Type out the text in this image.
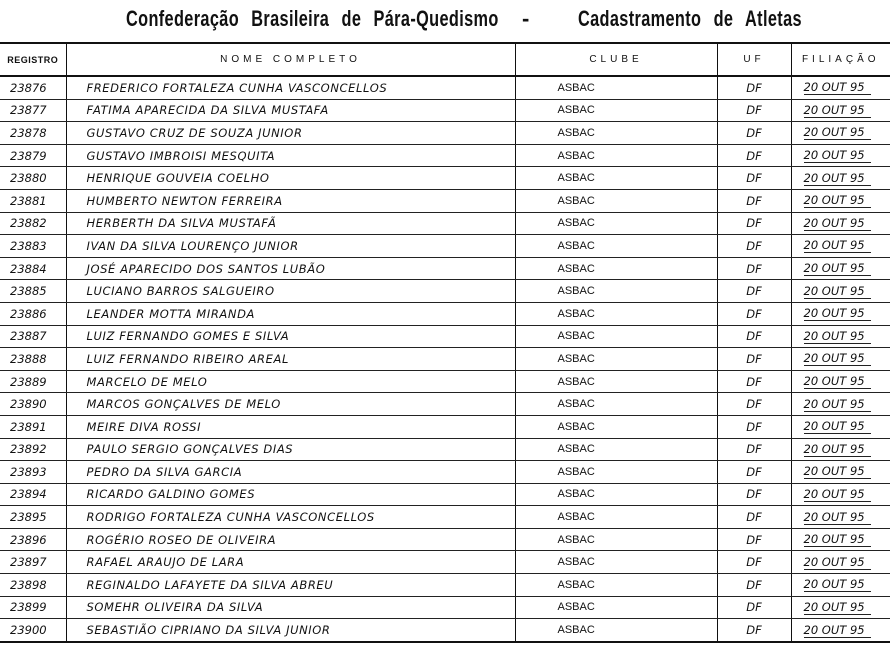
Confederação Brasileira de Pára-Quedismo - Cadastramento de Atletas
REGISTRO	NOME COMPLETO	CLUBE	UF	FILIAÇÃO
23876	FREDERICO FORTALEZA CUNHA VASCONCELLOS	ASBAC	DF	20 OUT 95
23877	FATIMA APARECIDA DA SILVA MUSTAFA	ASBAC	DF	20 OUT 95
23878	GUSTAVO CRUZ DE SOUZA JUNIOR	ASBAC	DF	20 OUT 95
23879	GUSTAVO IMBROISI MESQUITA	ASBAC	DF	20 OUT 95
23880	HENRIQUE GOUVEIA COELHO	ASBAC	DF	20 OUT 95
23881	HUMBERTO NEWTON FERREIRA	ASBAC	DF	20 OUT 95
23882	HERBERTH DA SILVA MUSTAFÃ	ASBAC	DF	20 OUT 95
23883	IVAN DA SILVA LOURENÇO JUNIOR	ASBAC	DF	20 OUT 95
23884	JOSÉ APARECIDO DOS SANTOS LUBÃO	ASBAC	DF	20 OUT 95
23885	LUCIANO BARROS SALGUEIRO	ASBAC	DF	20 OUT 95
23886	LEANDER MOTTA MIRANDA	ASBAC	DF	20 OUT 95
23887	LUIZ FERNANDO GOMES E SILVA	ASBAC	DF	20 OUT 95
23888	LUIZ FERNANDO RIBEIRO AREAL	ASBAC	DF	20 OUT 95
23889	MARCELO DE MELO	ASBAC	DF	20 OUT 95
23890	MARCOS GONÇALVES DE MELO	ASBAC	DF	20 OUT 95
23891	MEIRE DIVA ROSSI	ASBAC	DF	20 OUT 95
23892	PAULO SERGIO GONÇALVES DIAS	ASBAC	DF	20 OUT 95
23893	PEDRO DA SILVA GARCIA	ASBAC	DF	20 OUT 95
23894	RICARDO GALDINO GOMES	ASBAC	DF	20 OUT 95
23895	RODRIGO FORTALEZA CUNHA VASCONCELLOS	ASBAC	DF	20 OUT 95
23896	ROGÉRIO ROSEO DE OLIVEIRA	ASBAC	DF	20 OUT 95
23897	RAFAEL ARAUJO DE LARA	ASBAC	DF	20 OUT 95
23898	REGINALDO LAFAYETE DA SILVA ABREU	ASBAC	DF	20 OUT 95
23899	SOMEHR OLIVEIRA DA SILVA	ASBAC	DF	20 OUT 95
23900	SEBASTIÃO CIPRIANO DA SILVA JUNIOR	ASBAC	DF	20 OUT 95
